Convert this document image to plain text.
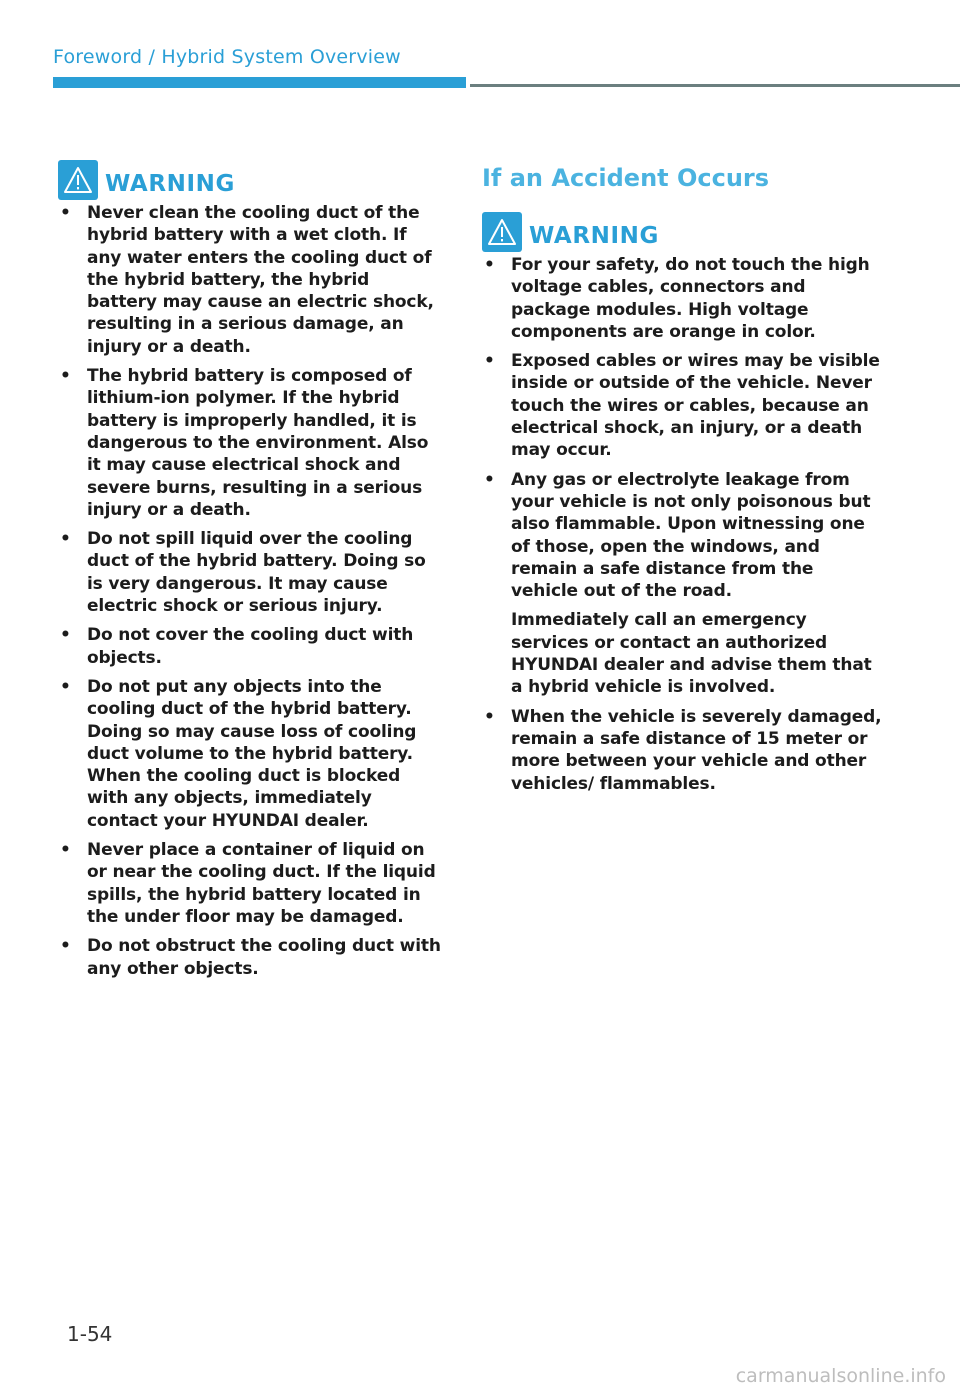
Foreword / Hybrid System Overview
WARNING
• Never clean the cooling duct of the hybrid battery with a wet cloth. If any water enters the cooling duct of the hybrid battery, the hybrid battery may cause an electric shock, resulting in a serious damage, an injury or a death.
• The hybrid battery is composed of lithium-ion polymer. If the hybrid battery is improperly handled, it is dangerous to the environment. Also it may cause electrical shock and severe burns, resulting in a serious injury or a death.
• Do not spill liquid over the cooling duct of the hybrid battery. Doing so is very dangerous. It may cause electric shock or serious injury.
• Do not cover the cooling duct with objects.
• Do not put any objects into the cooling duct of the hybrid battery. Doing so may cause loss of cooling duct volume to the hybrid battery. When the cooling duct is blocked with any objects, immediately contact your HYUNDAI dealer.
• Never place a container of liquid on or near the cooling duct. If the liquid spills, the hybrid battery located in the under floor may be damaged.
• Do not obstruct the cooling duct with any other objects.
If an Accident Occurs
WARNING
• For your safety, do not touch the high voltage cables, connectors and package modules. High voltage components are orange in color.
• Exposed cables or wires may be visible inside or outside of the vehicle. Never touch the wires or cables, because an electrical shock, an injury, or a death may occur.
• Any gas or electrolyte leakage from your vehicle is not only poisonous but also flammable. Upon witnessing one of those, open the windows, and remain a safe distance from the vehicle out of the road.
Immediately call an emergency services or contact an authorized HYUNDAI dealer and advise them that a hybrid vehicle is involved.
• When the vehicle is severely damaged, remain a safe distance of 15 meter or more between your vehicle and other vehicles/ flammables.
1-54
carmanualsonline.info
